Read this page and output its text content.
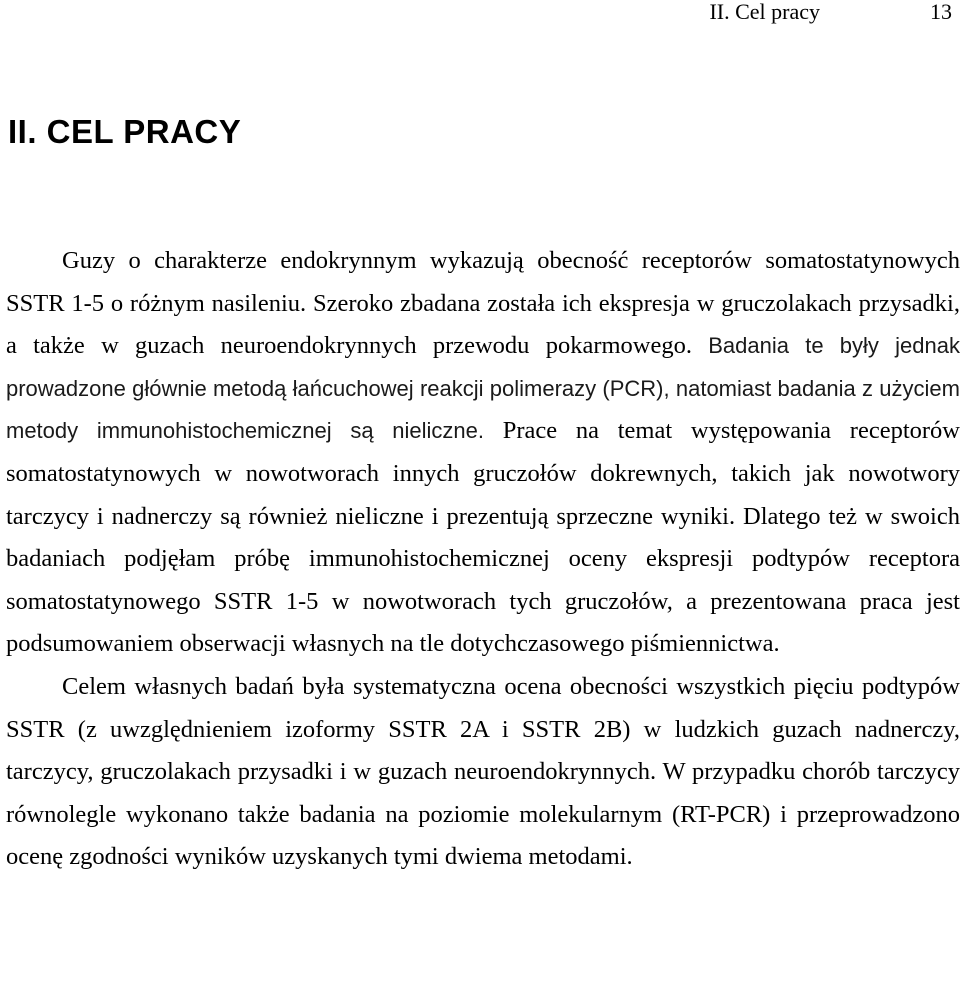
II. Cel pracy	13
II. CEL PRACY

Guzy o charakterze endokrynnym wykazują obecność receptorów somatostatynowych SSTR 1-5 o różnym nasileniu. Szeroko zbadana została ich ekspresja w gruczolakach przysadki, a także w guzach neuroendokrynnych przewodu pokarmowego. Badania te były jednak prowadzone głównie metodą łańcuchowej reakcji polimerazy (PCR), natomiast badania z użyciem metody immunohistochemicznej są nieliczne. Prace na temat występowania receptorów somatostatynowych w nowotworach innych gruczołów dokrewnych, takich jak nowotwory tarczycy i nadnerczy są również nieliczne i prezentują sprzeczne wyniki. Dlatego też w swoich badaniach podjęłam próbę immunohistochemicznej oceny ekspresji podtypów receptora somatostatynowego SSTR 1-5 w nowotworach tych gruczołów, a prezentowana praca jest podsumowaniem obserwacji własnych na tle dotychczasowego piśmiennictwa.

Celem własnych badań była systematyczna ocena obecności wszystkich pięciu podtypów SSTR (z uwzględnieniem izoformy SSTR 2A i SSTR 2B) w ludzkich guzach nadnerczy, tarczycy, gruczolakach przysadki i w guzach neuroendokrynnych. W przypadku chorób tarczycy równolegle wykonano także badania na poziomie molekularnym (RT-PCR) i przeprowadzono ocenę zgodności wyników uzyskanych tymi dwiema metodami.
